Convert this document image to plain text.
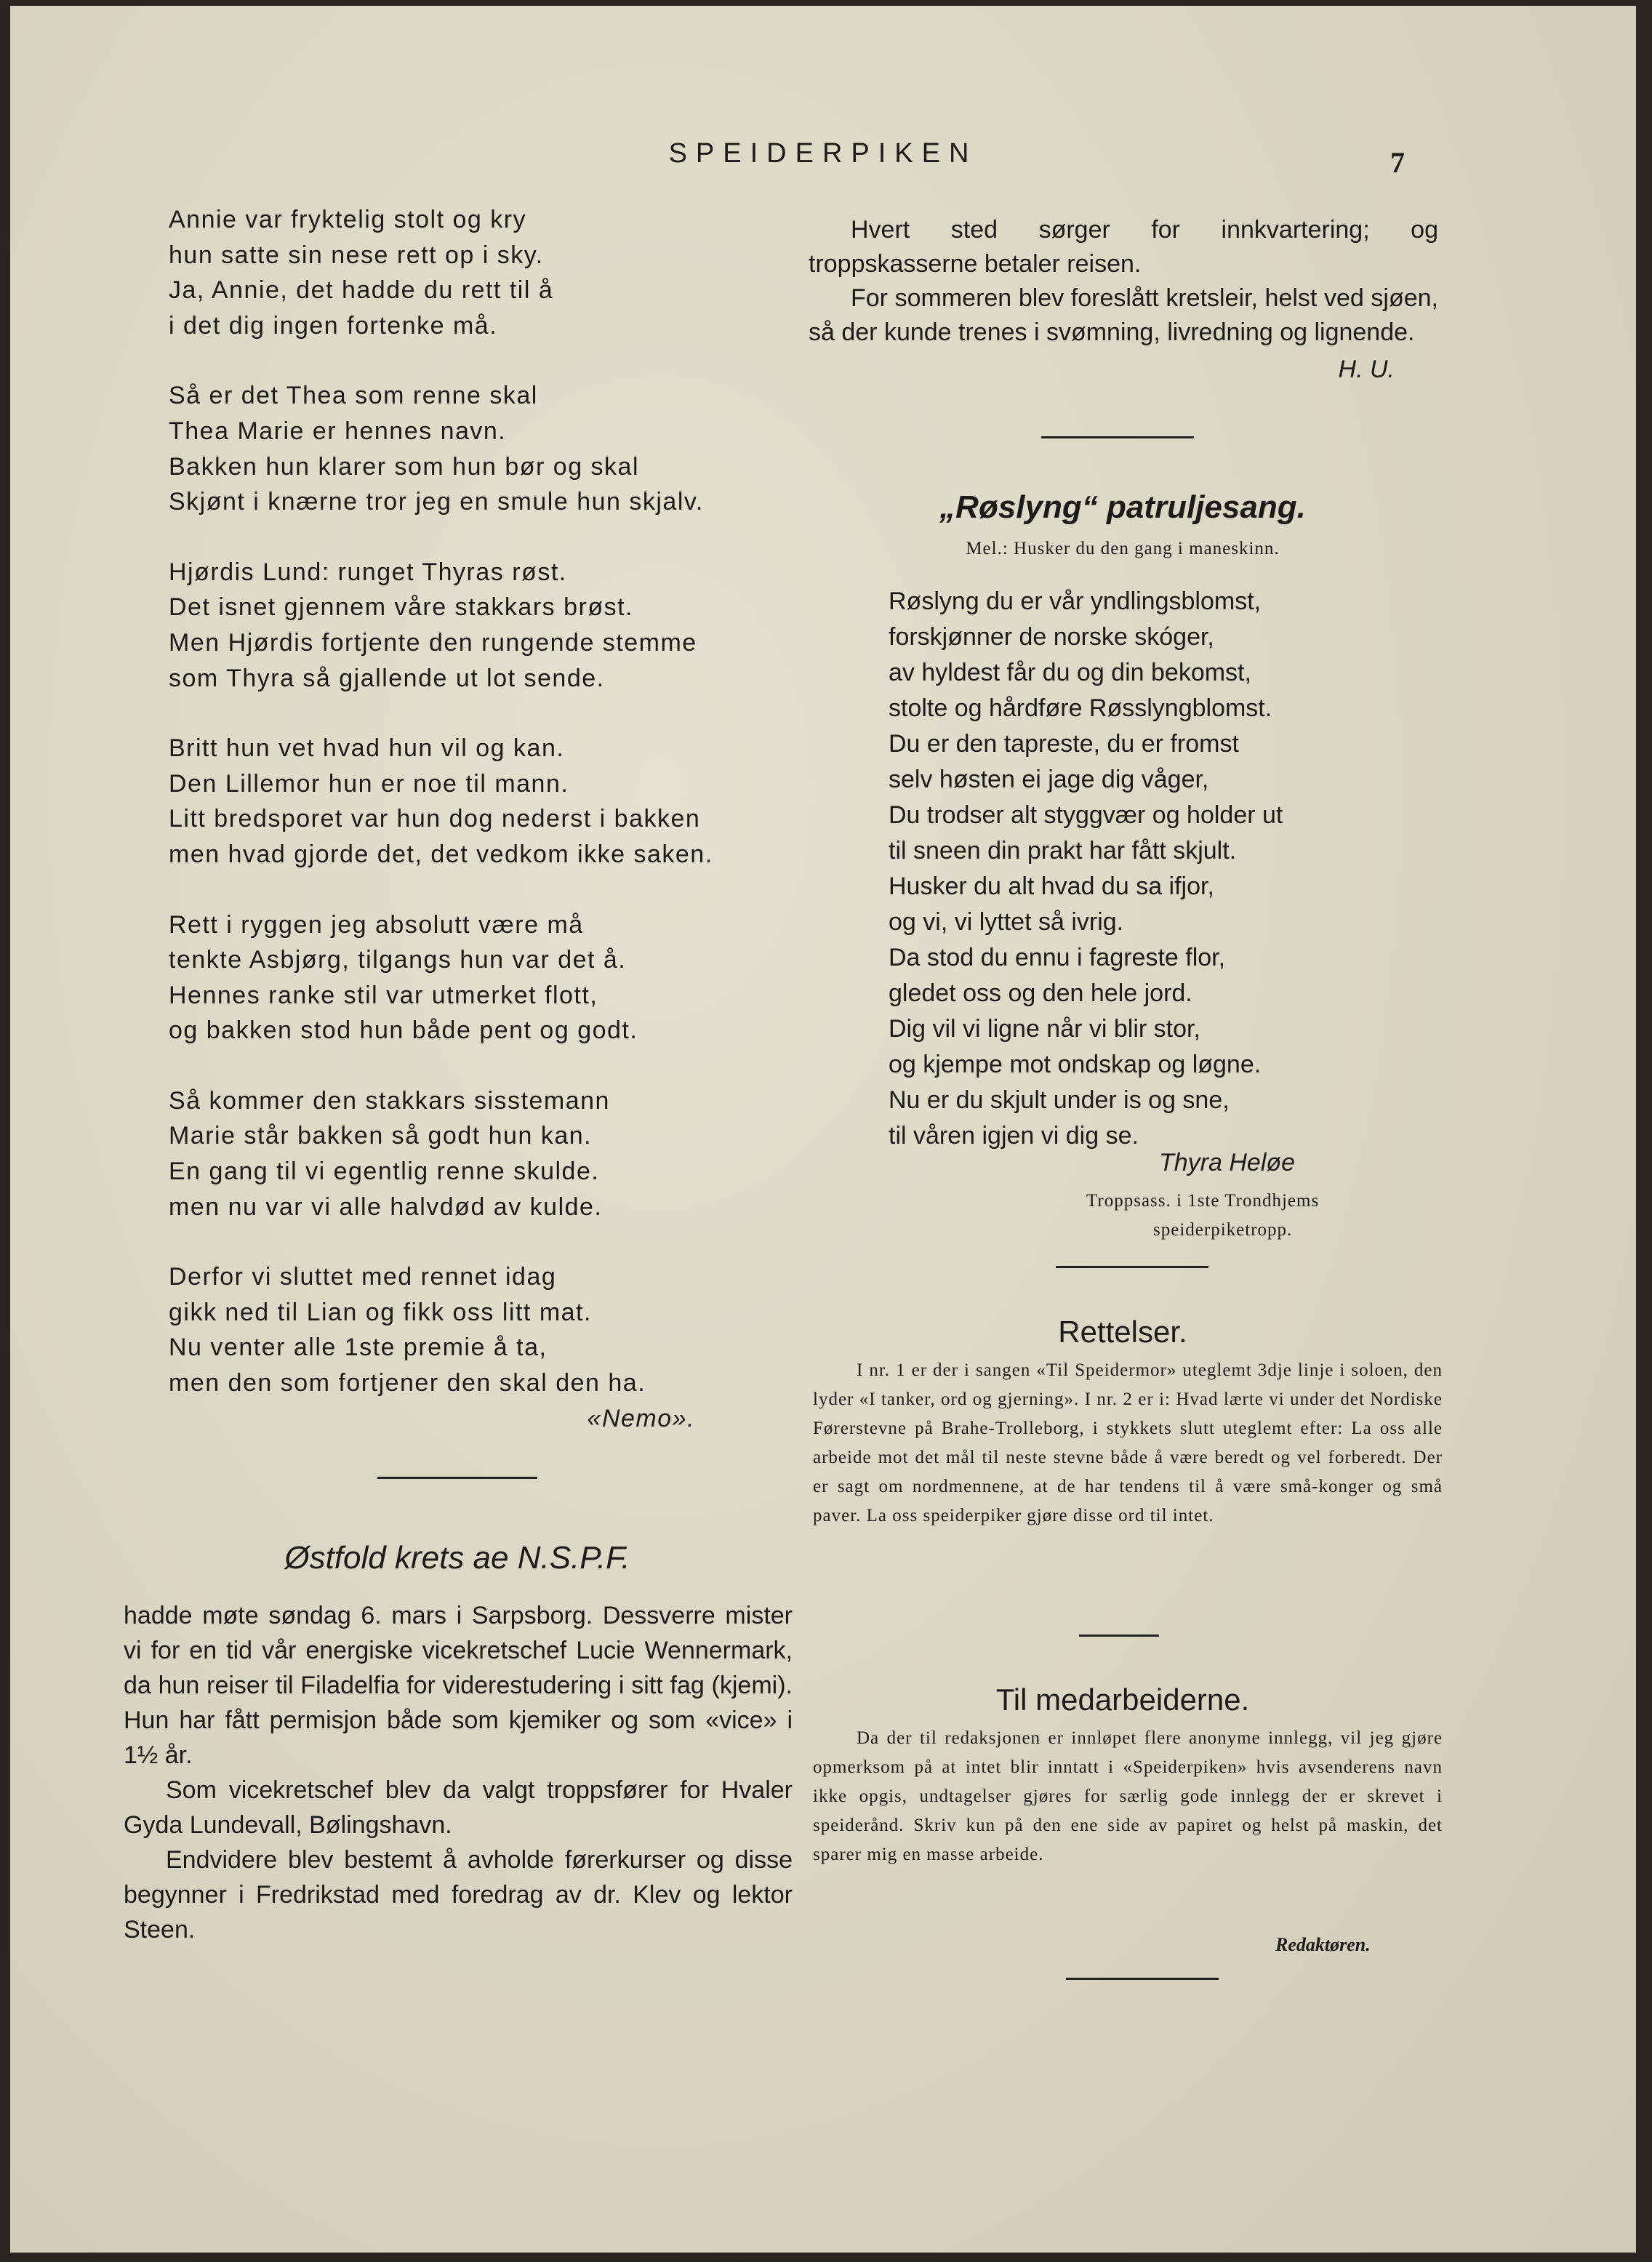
SPEIDERPIKEN	7
Annie var fryktelig stolt og kry
hun satte sin nese rett op i sky.
Ja, Annie, det hadde du rett til å
i det dig ingen fortenke må.
Så er det Thea som renne skal
Thea Marie er hennes navn.
Bakken hun klarer som hun bør og skal
Skjønt i knærne tror jeg en smule hun skjalv.
Hjørdis Lund: runget Thyras røst.
Det isnet gjennem våre stakkars brøst.
Men Hjørdis fortjente den rungende stemme
som Thyra så gjallende ut lot sende.
Britt hun vet hvad hun vil og kan.
Den Lillemor hun er noe til mann.
Litt bredsporet var hun dog nederst i bakken
men hvad gjorde det, det vedkom ikke saken.
Rett i ryggen jeg absolutt være må
tenkte Asbjørg, tilgangs hun var det å.
Hennes ranke stil var utmerket flott,
og bakken stod hun både pent og godt.
Så kommer den stakkars sisstemann
Marie står bakken så godt hun kan.
En gang til vi egentlig renne skulde.
men nu var vi alle halvdød av kulde.
Derfor vi sluttet med rennet idag
gikk ned til Lian og fikk oss litt mat.
Nu venter alle 1ste premie å ta,
men den som fortjener den skal den ha.
«Nemo».
Østfold krets ae N.S.P.F.

hadde møte søndag 6. mars i Sarpsborg. Dessverre mister vi for en tid vår energiske vicekretschef Lucie Wennermark, da hun reiser til Filadelfia for viderestudering i sitt fag (kjemi). Hun har fått permisjon både som kjemiker og som «vice» i 1½ år.

Som vicekretschef blev da valgt troppsfører for Hvaler Gyda Lundevall, Bølingshavn.

Endvidere blev bestemt å avholde førerkurser og disse begynner i Fredrikstad med foredrag av dr. Klev og lektor Steen.

Hvert sted sørger for innkvartering; og troppskasserne betaler reisen.

For sommeren blev foreslått kretsleir, helst ved sjøen, så der kunde trenes i svømning, livredning og lignende.

H. U.

„Røslyng“ patruljesang.
Mel.: Husker du den gang i maneskinn.
Røslyng du er vår yndlingsblomst,
forskjønner de norske skóger,
av hyldest får du og din bekomst,
stolte og hårdføre Røsslyngblomst.
Du er den tapreste, du er fromst
selv høsten ei jage dig våger,
Du trodser alt styggvær og holder ut
til sneen din prakt har fått skjult.
Husker du alt hvad du sa ifjor,
og vi, vi lyttet så ivrig.
Da stod du ennu i fagreste flor,
gledet oss og den hele jord.
Dig vil vi ligne når vi blir stor,
og kjempe mot ondskap og løgne.
Nu er du skjult under is og sne,
til våren igjen vi dig se.
Thyra Heløe
Troppsass. i 1ste Trondhjems
speiderpiketropp.
Rettelser.
I nr. 1 er der i sangen «Til Speidermor» uteglemt 3dje linje i soloen, den lyder «I tanker, ord og gjerning». I nr. 2 er i: Hvad lærte vi under det Nordiske Førerstevne på Brahe-Trolleborg, i stykkets slutt uteglemt efter: La oss alle arbeide mot det mål til neste stevne både å være beredt og vel forberedt. Der er sagt om nordmennene, at de har tendens til å være små-konger og små paver. La oss speiderpiker gjøre disse ord til intet.
Til medarbeiderne.
Da der til redaksjonen er innløpet flere anonyme innlegg, vil jeg gjøre opmerksom på at intet blir inntatt i «Speiderpiken» hvis avsenderens navn ikke opgis, undtagelser gjøres for særlig gode innlegg der er skrevet i speiderånd. Skriv kun på den ene side av papiret og helst på maskin, det sparer mig en masse arbeide.
Redaktøren.
